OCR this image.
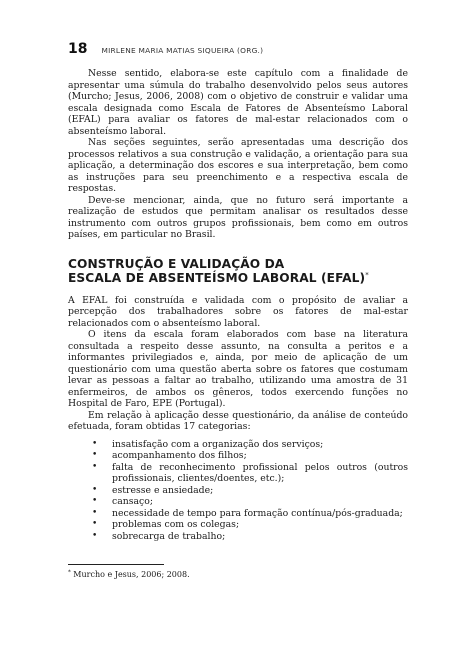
18 MIRLENE MARIA MATIAS SIQUEIRA (ORG.)

Nesse sentido, elabora-se este capítulo com a finalidade de apresentar uma súmula do trabalho desenvolvido pelos seus autores (Murcho; Jesus, 2006, 2008) com o objetivo de construir e validar uma escala designada como Escala de Fatores de Absenteísmo Laboral (EFAL) para avaliar os fatores de mal-estar relacionados com o absenteísmo laboral.

Nas seções seguintes, serão apresentadas uma descrição dos processos relativos a sua construção e validação, a orientação para sua aplicação, a determinação dos escores e sua interpretação, bem como as instruções para seu preenchimento e a respectiva escala de respostas.

Deve-se mencionar, ainda, que no futuro será importante a realização de estudos que permitam analisar os resultados desse instrumento com outros grupos profissionais, bem como em outros países, em particular no Brasil.

CONSTRUÇÃO E VALIDAÇÃO DA
ESCALA DE ABSENTEÍSMO LABORAL (EFAL)*

A EFAL foi construída e validada com o propósito de avaliar a percepção dos trabalhadores sobre os fatores de mal-estar relacionados com o absenteísmo laboral.

O itens da escala foram elaborados com base na literatura consultada a respeito desse assunto, na consulta a peritos e a informantes privilegiados e, ainda, por meio de aplicação de um questionário com uma questão aberta sobre os fatores que costumam levar as pessoas a faltar ao trabalho, utilizando uma amostra de 31 enfermeiros, de ambos os gêneros, todos exercendo funções no Hospital de Faro, EPE (Portugal).

Em relação à aplicação desse questionário, da análise de conteúdo efetuada, foram obtidas 17 categorias:

• insatisfação com a organização dos serviços;
• acompanhamento dos filhos;
• falta de reconhecimento profissional pelos outros (outros profissionais, clientes/doentes, etc.);
• estresse e ansiedade;
• cansaço;
• necessidade de tempo para formação contínua/pós-graduada;
• problemas com os colegas;
• sobrecarga de trabalho;
* Murcho e Jesus, 2006; 2008.
